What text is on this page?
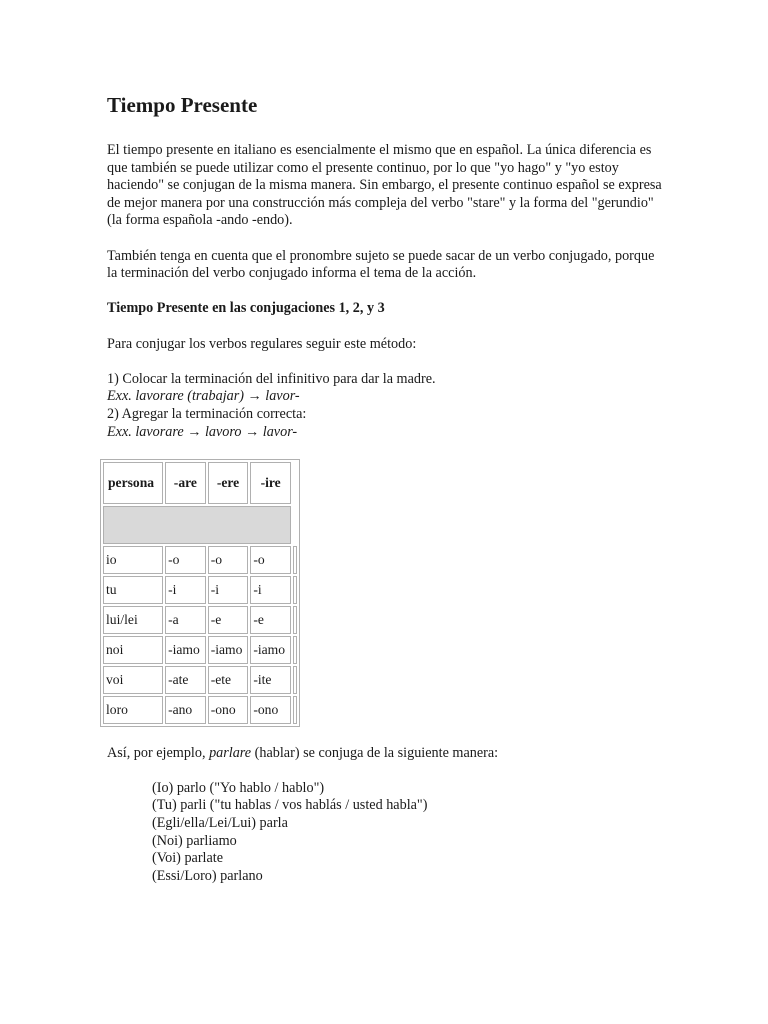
Tiempo Presente

El tiempo presente en italiano es esencialmente el mismo que en español. La única diferencia es que también se puede utilizar como el presente continuo, por lo que "yo hago" y "yo estoy haciendo" se conjugan de la misma manera. Sin embargo, el presente continuo español se expresa de mejor manera por una construcción más compleja del verbo "stare" y la forma del "gerundio" (la forma española -ando -endo).

También tenga en cuenta que el pronombre sujeto se puede sacar de un verbo conjugado, porque la terminación del verbo conjugado informa el tema de la acción.

Tiempo Presente en las conjugaciones 1, 2, y 3

Para conjugar los verbos regulares seguir este método:

1) Colocar la terminación del infinitivo para dar la madre.

Exx. lavorare (trabajar) → lavor-

2) Agregar la terminación correcta:

Exx. lavorare → lavoro → lavor-

persona	-are	-ere	-ire	

io	-o	-o	-o	
tu	-i	-i	-i	
lui/lei	-a	-e	-e	
noi	-iamo	-iamo	-iamo	
voi	-ate	-ete	-ite	
loro	-ano	-ono	-ono	

Así, por ejemplo, parlare (hablar) se conjuga de la siguiente manera:

(Io) parlo ("Yo hablo / hablo")
(Tu) parli ("tu hablas / vos hablás / usted habla")
(Egli/ella/Lei/Lui) parla
(Noi) parliamo
(Voi) parlate
(Essi/Loro) parlano
